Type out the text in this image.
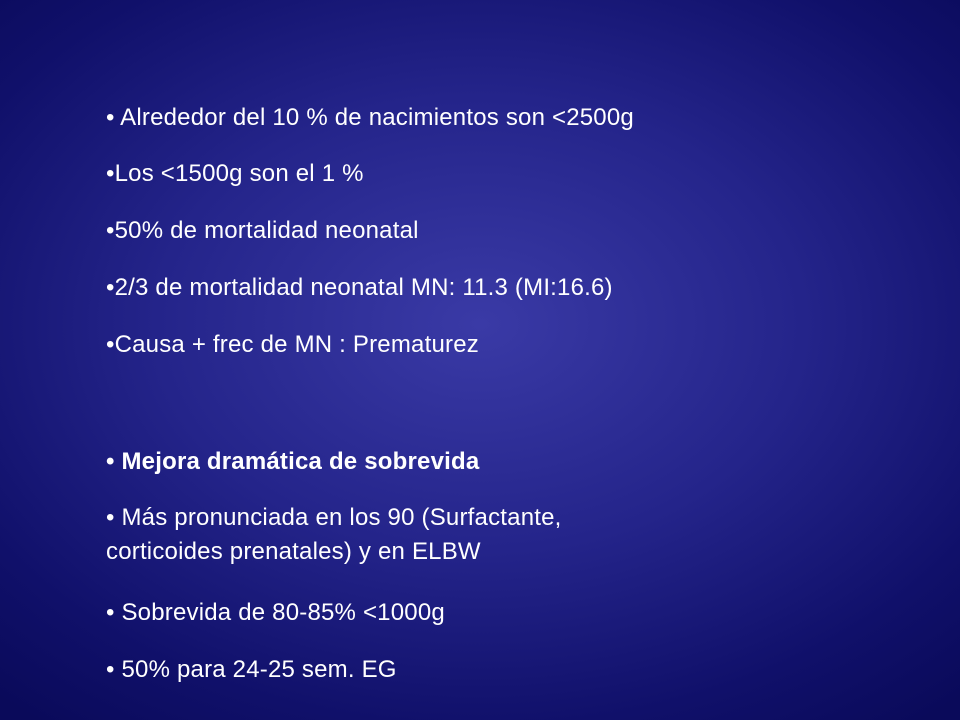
• Alrededor del 10 % de nacimientos son <2500g
•Los <1500g son el 1 %
•50% de mortalidad neonatal
•2/3 de mortalidad neonatal MN: 11.3 (MI:16.6)
•Causa + frec de MN : Prematurez
• Mejora dramática de sobrevida
• Más pronunciada en los 90 (Surfactante,
corticoides prenatales) y en ELBW
• Sobrevida de 80-85% <1000g
• 50% para 24-25 sem. EG
